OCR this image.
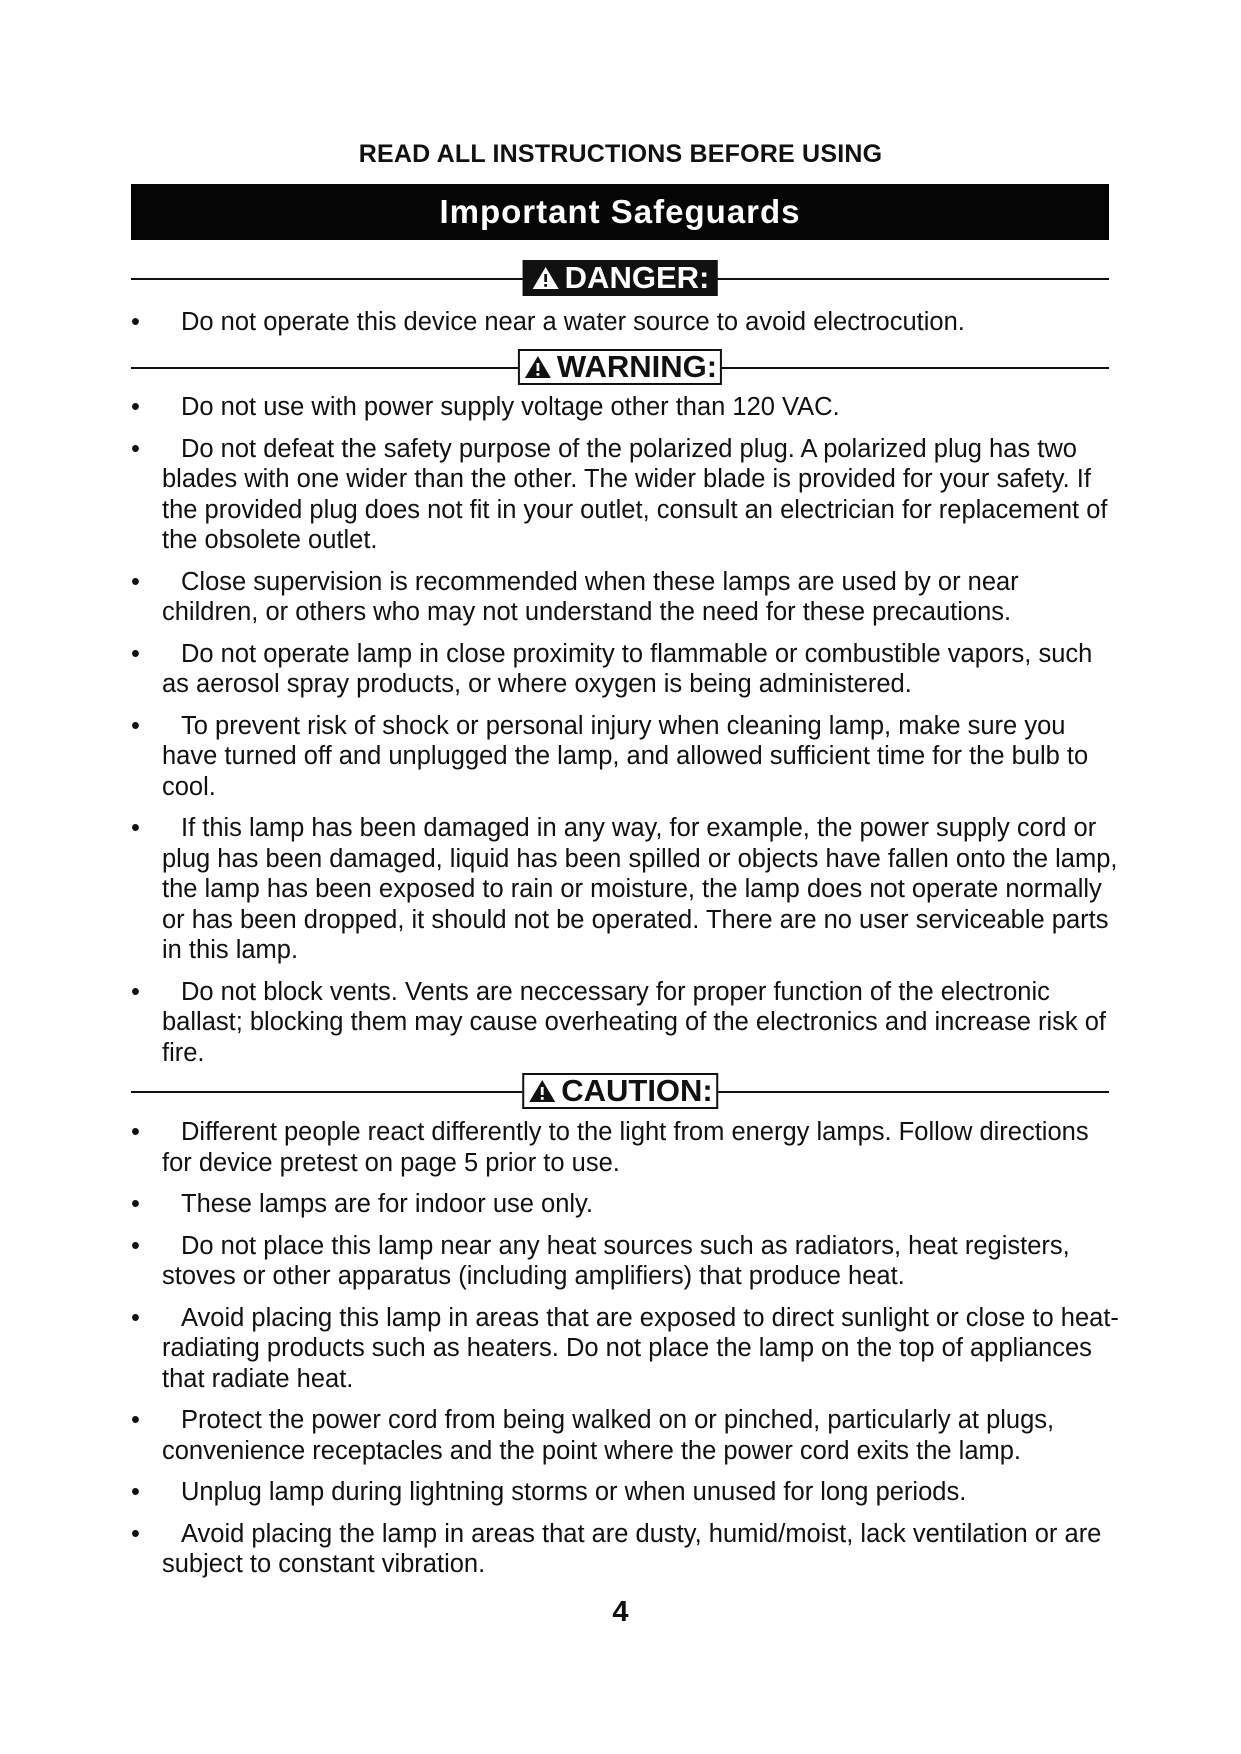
READ ALL INSTRUCTIONS BEFORE USING
Important Safeguards
DANGER:
• Do not operate this device near a water source to avoid electrocution.
WARNING:
• Do not use with power supply voltage other than 120 VAC.
• Do not defeat the safety purpose of the polarized plug. A polarized plug has two blades with one wider than the other. The wider blade is provided for your safety. If the provided plug does not fit in your outlet, consult an electrician for replacement of the obsolete outlet.
• Close supervision is recommended when these lamps are used by or near children, or others who may not understand the need for these precautions.
• Do not operate lamp in close proximity to flammable or combustible vapors, such as aerosol spray products, or where oxygen is being administered.
• To prevent risk of shock or personal injury when cleaning lamp, make sure you have turned off and unplugged the lamp, and allowed sufficient time for the bulb to cool.
• If this lamp has been damaged in any way, for example, the power supply cord or plug has been damaged, liquid has been spilled or objects have fallen onto the lamp, the lamp has been exposed to rain or moisture, the lamp does not operate normally or has been dropped, it should not be operated. There are no user serviceable parts in this lamp.
• Do not block vents. Vents are neccessary for proper function of the electronic ballast; blocking them may cause overheating of the electronics and increase risk of fire.
CAUTION:
• Different people react differently to the light from energy lamps. Follow directions for device pretest on page 5 prior to use.
• These lamps are for indoor use only.
• Do not place this lamp near any heat sources such as radiators, heat registers, stoves or other apparatus (including amplifiers) that produce heat.
• Avoid placing this lamp in areas that are exposed to direct sunlight or close to heat-radiating products such as heaters. Do not place the lamp on the top of appliances that radiate heat.
• Protect the power cord from being walked on or pinched, particularly at plugs, convenience receptacles and the point where the power cord exits the lamp.
• Unplug lamp during lightning storms or when unused for long periods.
• Avoid placing the lamp in areas that are dusty, humid/moist, lack ventilation or are subject to constant vibration.
4
